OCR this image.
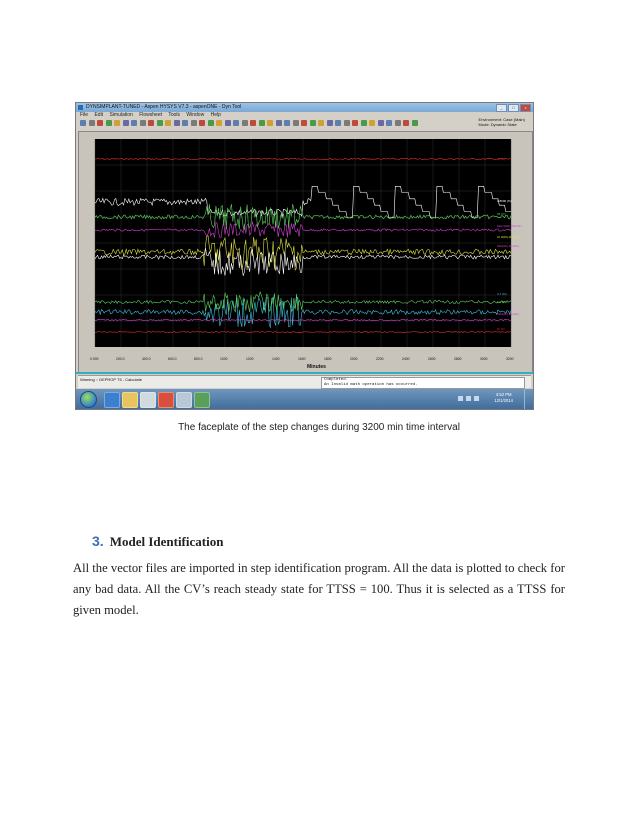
DYNSIMPLANT-TUNED - Aspen HYSYS V7.3 - aspenONE - Dyn Tool	_	□	×
File Edit Simulation Flowsheet Tools Window Help
Environment: Case (Main)
Mode: Dynamic State
0.000	200.0	400.0	600.0	800.0	1000	1200	1400	1600	1800	2000	2200	2400	2600	2800	3000	3200
Minutes
45 (F)
0.8000 (%)
65 (%)
Mwt 6(00) (lbm/hr)
Cf 2(00) (lbm/hr)
Mwt(00) (lbm/hr)
4.7 (%)
1.0 (%)
Mwt(00) (lbm/hr)
Pr (F)
Warning :: DEPROP T5 - Calculate	Completed.
An Invalid math operation has occurred.
4:52 PM
12/1/2014
The faceplate of the step changes during 3200 min time interval
3. Model Identification
All the vector files are imported in step identification program. All the data is plotted to check for any bad data. All the CV’s reach steady state for TTSS = 100. Thus it is selected as a TTSS for given model.
